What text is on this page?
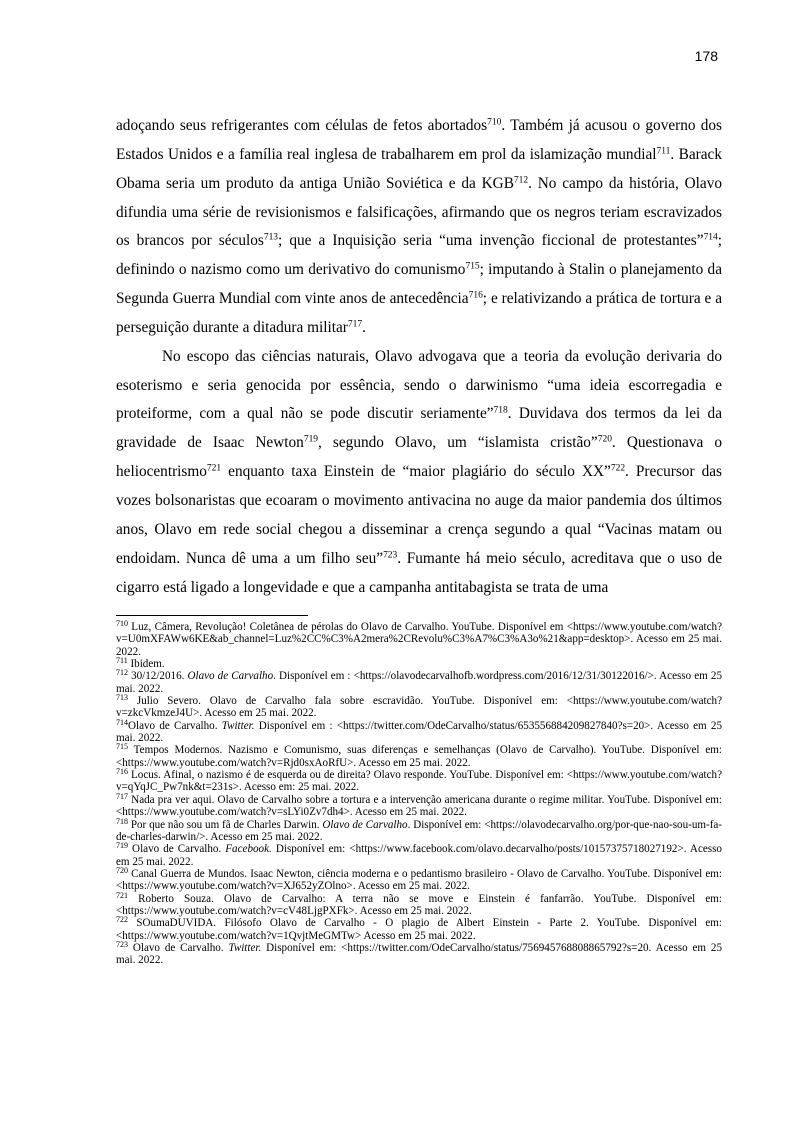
178

adoçando seus refrigerantes com células de fetos abortados$^{710}$. Também já acusou o governo dos Estados Unidos e a família real inglesa de trabalharem em prol da islamização mundial$^{711}$. Barack Obama seria um produto da antiga União Soviética e da KGB$^{712}$. No campo da história, Olavo difundia uma série de revisionismos e falsificações, afirmando que os negros teriam escravizados os brancos por séculos$^{713}$; que a Inquisição seria “uma invenção ficcional de protestantes”$^{714}$; definindo o nazismo como um derivativo do comunismo$^{715}$; imputando à Stalin o planejamento da Segunda Guerra Mundial com vinte anos de antecedência$^{716}$; e relativizando a prática de tortura e a perseguição durante a ditadura militar$^{717}$.

No escopo das ciências naturais, Olavo advogava que a teoria da evolução derivaria do esoterismo e seria genocida por essência, sendo o darwinismo “uma ideia escorregadia e proteiforme, com a qual não se pode discutir seriamente”$^{718}$. Duvidava dos termos da lei da gravidade de Isaac Newton$^{719}$, segundo Olavo, um “islamista cristão”$^{720}$. Questionava o heliocentrismo$^{721}$ enquanto taxa Einstein de “maior plagiário do século XX”$^{722}$. Precursor das vozes bolsonaristas que ecoaram o movimento antivacina no auge da maior pandemia dos últimos anos, Olavo em rede social chegou a disseminar a crença segundo a qual “Vacinas matam ou endoidam. Nunca dê uma a um filho seu”$^{723}$. Fumante há meio século, acreditava que o uso de cigarro está ligado a longevidade e que a campanha antitabagista se trata de uma

$^{710}$ Luz, Câmera, Revolução! Coletânea de pérolas do Olavo de Carvalho. YouTube. Disponível em <https://www.youtube.com/watch?v=U0mXFAWw6KE&ab_channel=Luz%2CC%C3%A2mera%2CRevolu%C3%A7%C3%A3o%21&app=desktop>. Acesso em 25 mai. 2022.

$^{711}$ Ibidem.

$^{712}$ 30/12/2016. Olavo de Carvalho. Disponível em : <https://olavodecarvalhofb.wordpress.com/2016/12/31/30122016/>. Acesso em 25 mai. 2022.

$^{713}$ Julio Severo. Olavo de Carvalho fala sobre escravidão. YouTube. Disponível em: <https://www.youtube.com/watch?v=zkcVkmzeJ4U>. Acesso em 25 mai. 2022.

$^{714}$Olavo de Carvalho. Twitter. Disponível em : <https://twitter.com/OdeCarvalho/status/653556884209827840?s=20>. Acesso em 25 mai. 2022.

$^{715}$ Tempos Modernos. Nazismo e Comunismo, suas diferenças e semelhanças (Olavo de Carvalho). YouTube. Disponível em: <https://www.youtube.com/watch?v=Rjd0sxAoRfU>. Acesso em 25 mai. 2022.

$^{716}$ Locus. Afinal, o nazismo é de esquerda ou de direita? Olavo responde. YouTube. Disponível em: <https://www.youtube.com/watch?v=qYqJC_Pw7nk&t=231s>. Acesso em: 25 mai. 2022.

$^{717}$ Nada pra ver aqui. Olavo de Carvalho sobre a tortura e a intervenção americana durante o regime militar. YouTube. Disponível em: <https://www.youtube.com/watch?v=sLYi0Zv7dh4>. Acesso em 25 mai. 2022.

$^{718}$ Por que não sou um fã de Charles Darwin. Olavo de Carvalho. Disponível em: <https://olavodecarvalho.org/por-que-nao-sou-um-fa-de-charles-darwin/>. Acesso em 25 mai. 2022.

$^{719}$ Olavo de Carvalho. Facebook. Disponível em: <https://www.facebook.com/olavo.decarvalho/posts/10157375718027192>. Acesso em 25 mai. 2022.

$^{720}$ Canal Guerra de Mundos. Isaac Newton, ciência moderna e o pedantismo brasileiro - Olavo de Carvalho. YouTube. Disponível em: <https://www.youtube.com/watch?v=XJ652yZOlno>. Acesso em 25 mai. 2022.

$^{721}$ Roberto Souza. Olavo de Carvalho: A terra não se move e Einstein é fanfarrão. YouTube. Disponível em: <https://www.youtube.com/watch?v=cV48LjgPXFk>. Acesso em 25 mai. 2022.

$^{722}$ SOumaDUVIDA. Filósofo Olavo de Carvalho - O plagio de Albert Einstein - Parte 2. YouTube. Disponível em: <https://www.youtube.com/watch?v=1QvjtMeGMTw> Acesso em 25 mai. 2022.

$^{723}$ Olavo de Carvalho. Twitter. Disponível em: <https://twitter.com/OdeCarvalho/status/756945768808865792?s=20. Acesso em 25 mai. 2022.
